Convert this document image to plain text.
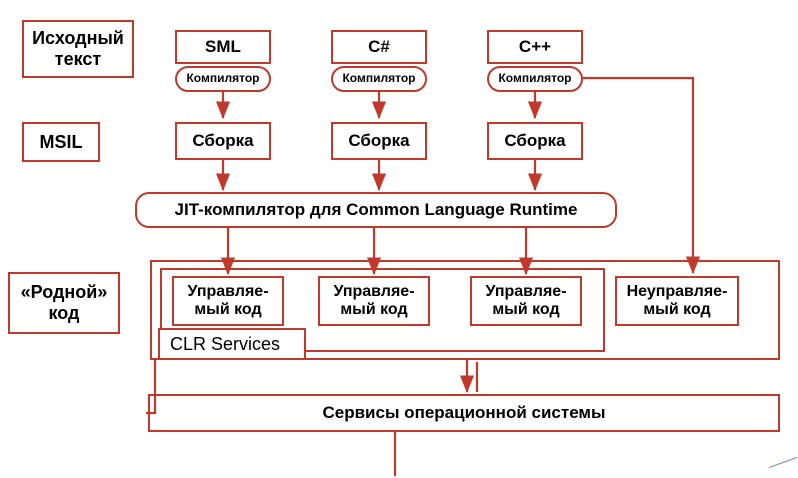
Исходный текст
MSIL
«Родной» код
SML	C#	C++
Компилятор	Компилятор	Компилятор
Сборка	Сборка	Сборка
JIT-компилятор для Common Language Runtime
Управляе-мый код
Управляе-мый код
Управляе-мый код
Неуправляе-мый код
CLR Services
Сервисы операционной системы
